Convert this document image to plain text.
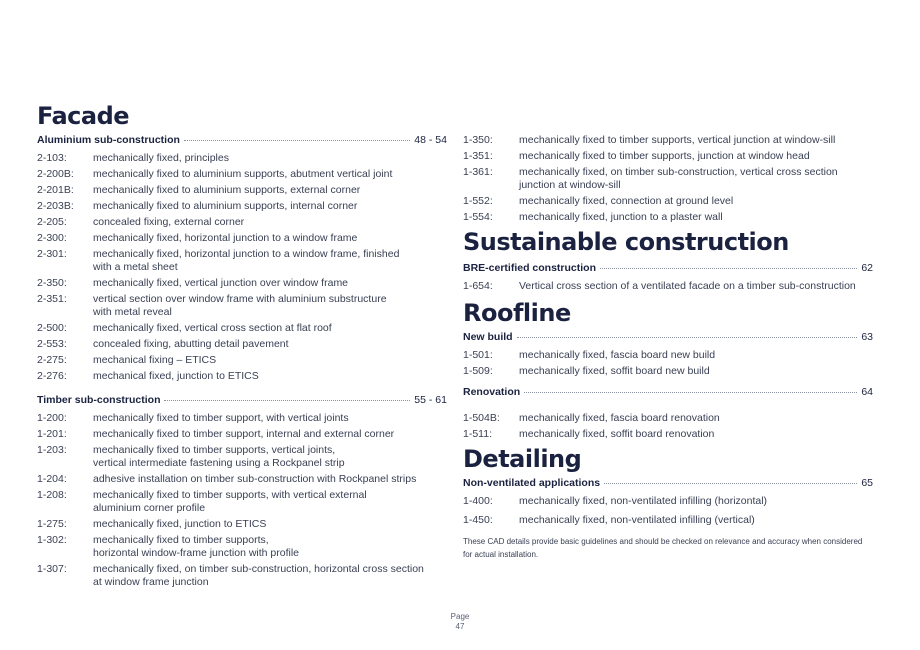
Facade
Aluminium sub-construction	48 - 54
2-103:	mechanically fixed, principles
2-200B:	mechanically fixed to aluminium supports, abutment vertical joint
2-201B:	mechanically fixed to aluminium supports, external corner
2-203B:	mechanically fixed to aluminium supports, internal corner
2-205:	concealed fixing, external corner
2-300:	mechanically fixed, horizontal junction to a window frame
2-301:	mechanically fixed, horizontal junction to a window frame, finished
with a metal sheet
2-350:	mechanically fixed, vertical junction over window frame
2-351:	vertical section over window frame with aluminium substructure
with metal reveal
2-500:	mechanically fixed, vertical cross section at flat roof
2-553:	concealed fixing, abutting detail pavement
2-275:	mechanical fixing – ETICS
2-276:	mechanical fixed, junction to ETICS
Timber sub-construction	55 - 61
1-200:	mechanically fixed to timber support, with vertical joints
1-201:	mechanically fixed to timber support, internal and external corner
1-203:	mechanically fixed to timber supports, vertical joints,
vertical intermediate fastening using a Rockpanel strip
1-204:	adhesive installation on timber sub-construction with Rockpanel strips
1-208:	mechanically fixed to timber supports, with vertical external
aluminium corner profile
1-275:	mechanically fixed, junction to ETICS
1-302:	mechanically fixed to timber supports,
horizontal window-frame junction with profile
1-307:	mechanically fixed, on timber sub-construction, horizontal cross section
at window frame junction
1-350:	mechanically fixed to timber supports, vertical junction at window-sill
1-351:	mechanically fixed to timber supports, junction at window head
1-361:	mechanically fixed, on timber sub-construction, vertical cross section
junction at window-sill
1-552:	mechanically fixed, connection at ground level
1-554:	mechanically fixed, junction to a plaster wall
Sustainable construction
BRE-certified construction	62
1-654:	Vertical cross section of a ventilated facade on a timber sub-construction
Roofline
New build	63
1-501:	mechanically fixed, fascia board new build
1-509:	mechanically fixed, soffit board new build
Renovation	64
1-504B:	mechanically fixed, fascia board renovation
1-511:	mechanically fixed, soffit board renovation
Detailing
Non-ventilated applications	65
1-400:	mechanically fixed, non-ventilated infilling (horizontal)
1-450:	mechanically fixed, non-ventilated infilling (vertical)
These CAD details provide basic guidelines and should be checked on relevance and accuracy when considered for actual installation.
Page
47
